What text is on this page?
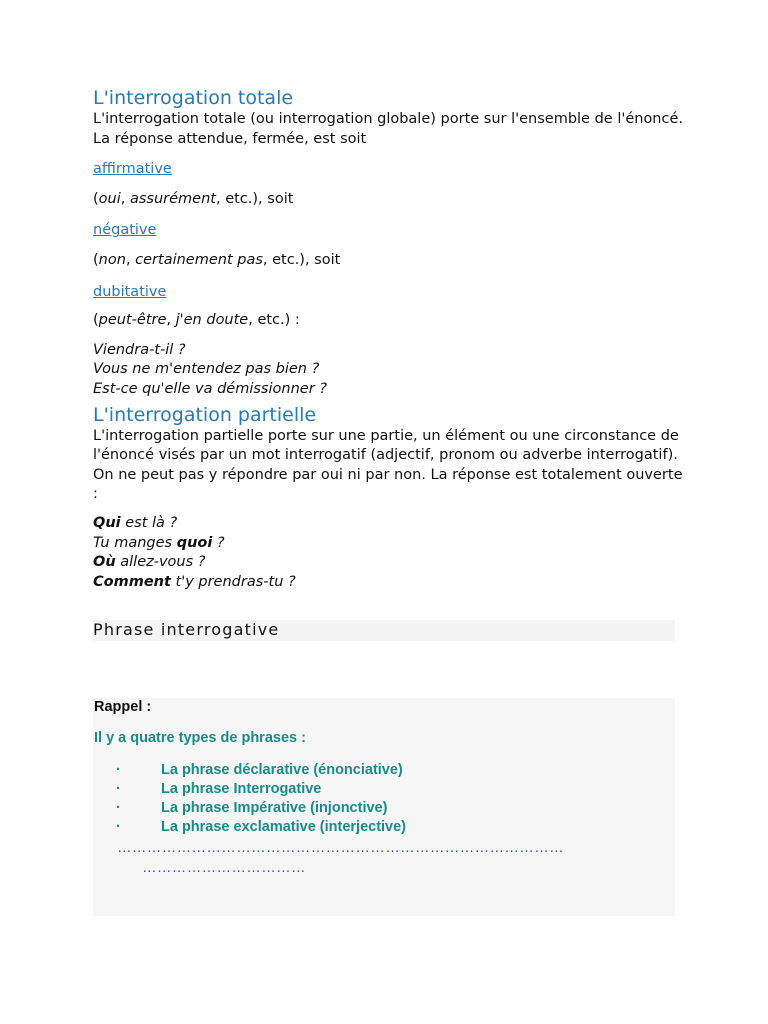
L'interrogation totale

L'interrogation totale (ou interrogation globale) porte sur l'ensemble de l'énoncé. La réponse attendue, fermée, est soit

affirmative

(oui, assurément, etc.), soit

négative

(non, certainement pas, etc.), soit

dubitative

(peut-être, j'en doute, etc.) :

Viendra-t-il ?

Vous ne m'entendez pas bien ?

Est-ce qu'elle va démissionner ?

L'interrogation partielle

L'interrogation partielle porte sur une partie, un élément ou une circonstance de l'énoncé visés par un mot interrogatif (adjectif, pronom ou adverbe interrogatif). On ne peut pas y répondre par oui ni par non. La réponse est totalement ouverte :

Qui est là ?

Tu manges quoi ?

Où allez-vous ?

Comment t'y prendras-tu ?

Phrase interrogative
Rappel :
Il y a quatre types de phrases :
·	La phrase déclarative (énonciative)
·	La phrase Interrogative
·	La phrase Impérative (injonctive)
·	La phrase exclamative (interjective)
………………………………………………………………………………
……………………………
